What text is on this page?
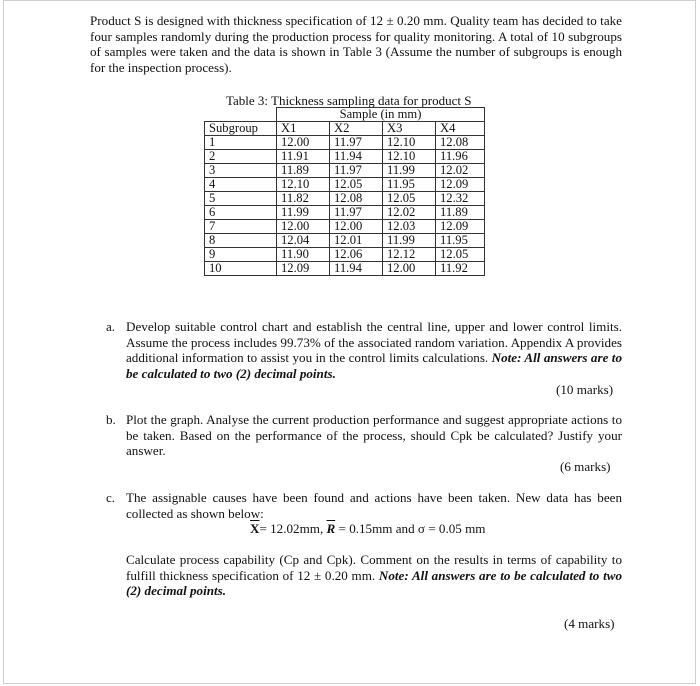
Product S is designed with thickness specification of 12 ± 0.20 mm. Quality team has decided to take four samples randomly during the production process for quality monitoring. A total of 10 subgroups of samples were taken and the data is shown in Table 3 (Assume the number of subgroups is enough for the inspection process).

Table 3: Thickness sampling data for product S

	Sample (in mm)			
Subgroup	X1	X2	X3	X4
1	12.00	11.97	12.10	12.08
2	11.91	11.94	12.10	11.96
3	11.89	11.97	11.99	12.02
4	12.10	12.05	11.95	12.09
5	11.82	12.08	12.05	12.32
6	11.99	11.97	12.02	11.89
7	12.00	12.00	12.03	12.09
8	12.04	12.01	11.99	11.95
9	11.90	12.06	12.12	12.05
10	12.09	11.94	12.00	11.92
a. Develop suitable control chart and establish the central line, upper and lower control limits. Assume the process includes 99.73% of the associated random variation. Appendix A provides additional information to assist you in the control limits calculations. Note: All answers are to be calculated to two (2) decimal points.
(10 marks)
b. Plot the graph. Analyse the current production performance and suggest appropriate actions to be taken. Based on the performance of the process, should Cpk be calculated? Justify your answer.
(6 marks)
c. The assignable causes have been found and actions have been taken. New data has been collected as shown below:
$\overline{X}= 12.02mm$, $\overline{R} = 0.15mm$ and σ = 0.05 mm
Calculate process capability (Cp and Cpk). Comment on the results in terms of capability to fulfill thickness specification of 12 ± 0.20 mm. Note: All answers are to be calculated to two (2) decimal points.
(4 marks)
